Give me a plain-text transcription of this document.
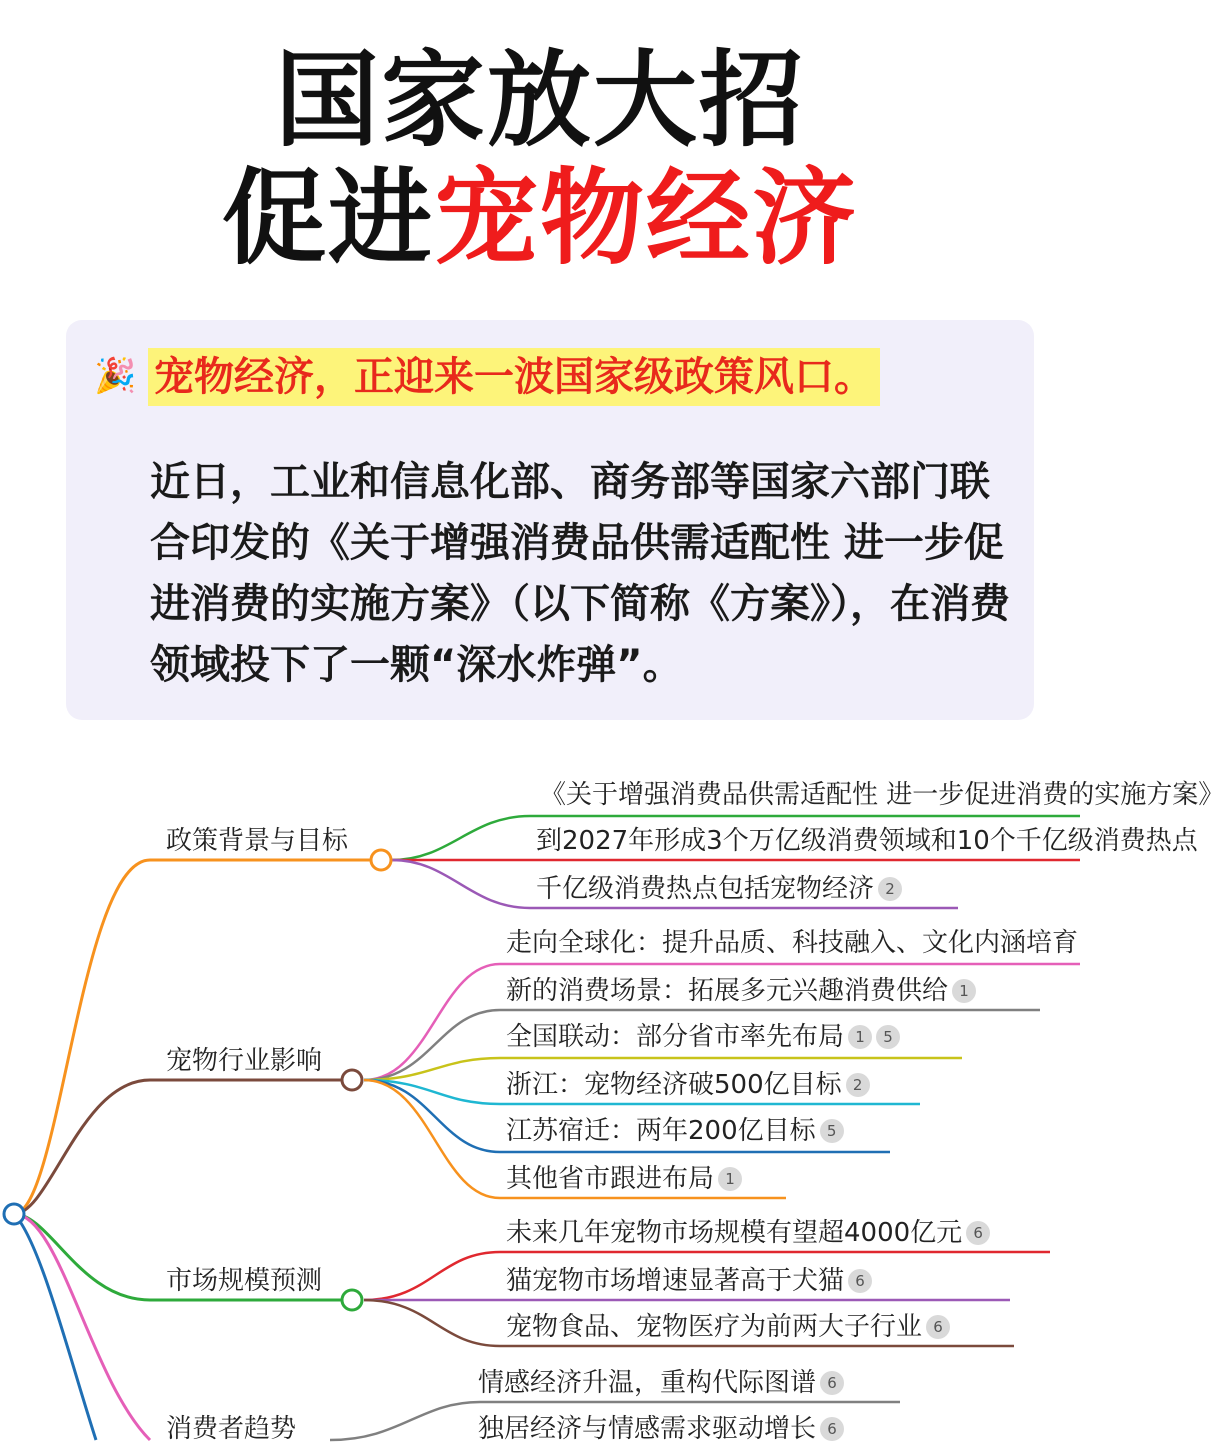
国家放大招
促进宠物经济
🎉 宠物经济，正迎来一波国家级政策风口。
近日，工业和信息化部、商务部等国家六部门联合印发的《关于增强消费品供需适配性 进一步促进消费的实施方案》（以下简称《方案》），在消费领域投下了一颗“深水炸弹”。
政策背景与目标
《关于增强消费品供需适配性 进一步促进消费的实施方案》
到2027年形成3个万亿级消费领域和10个千亿级消费热点
千亿级消费热点包括宠物经济 2
宠物行业影响
走向全球化：提升品质、科技融入、文化内涵培育
新的消费场景：拓展多元兴趣消费供给 1
全国联动：部分省市率先布局 1 5
浙江：宠物经济破500亿目标 2
江苏宿迁：两年200亿目标 5
其他省市跟进布局 1
市场规模预测
未来几年宠物市场规模有望超4000亿元 6
猫宠物市场增速显著高于犬猫 6
宠物食品、宠物医疗为前两大子行业 6
消费者趋势
情感经济升温，重构代际图谱 6
独居经济与情感需求驱动增长 6
